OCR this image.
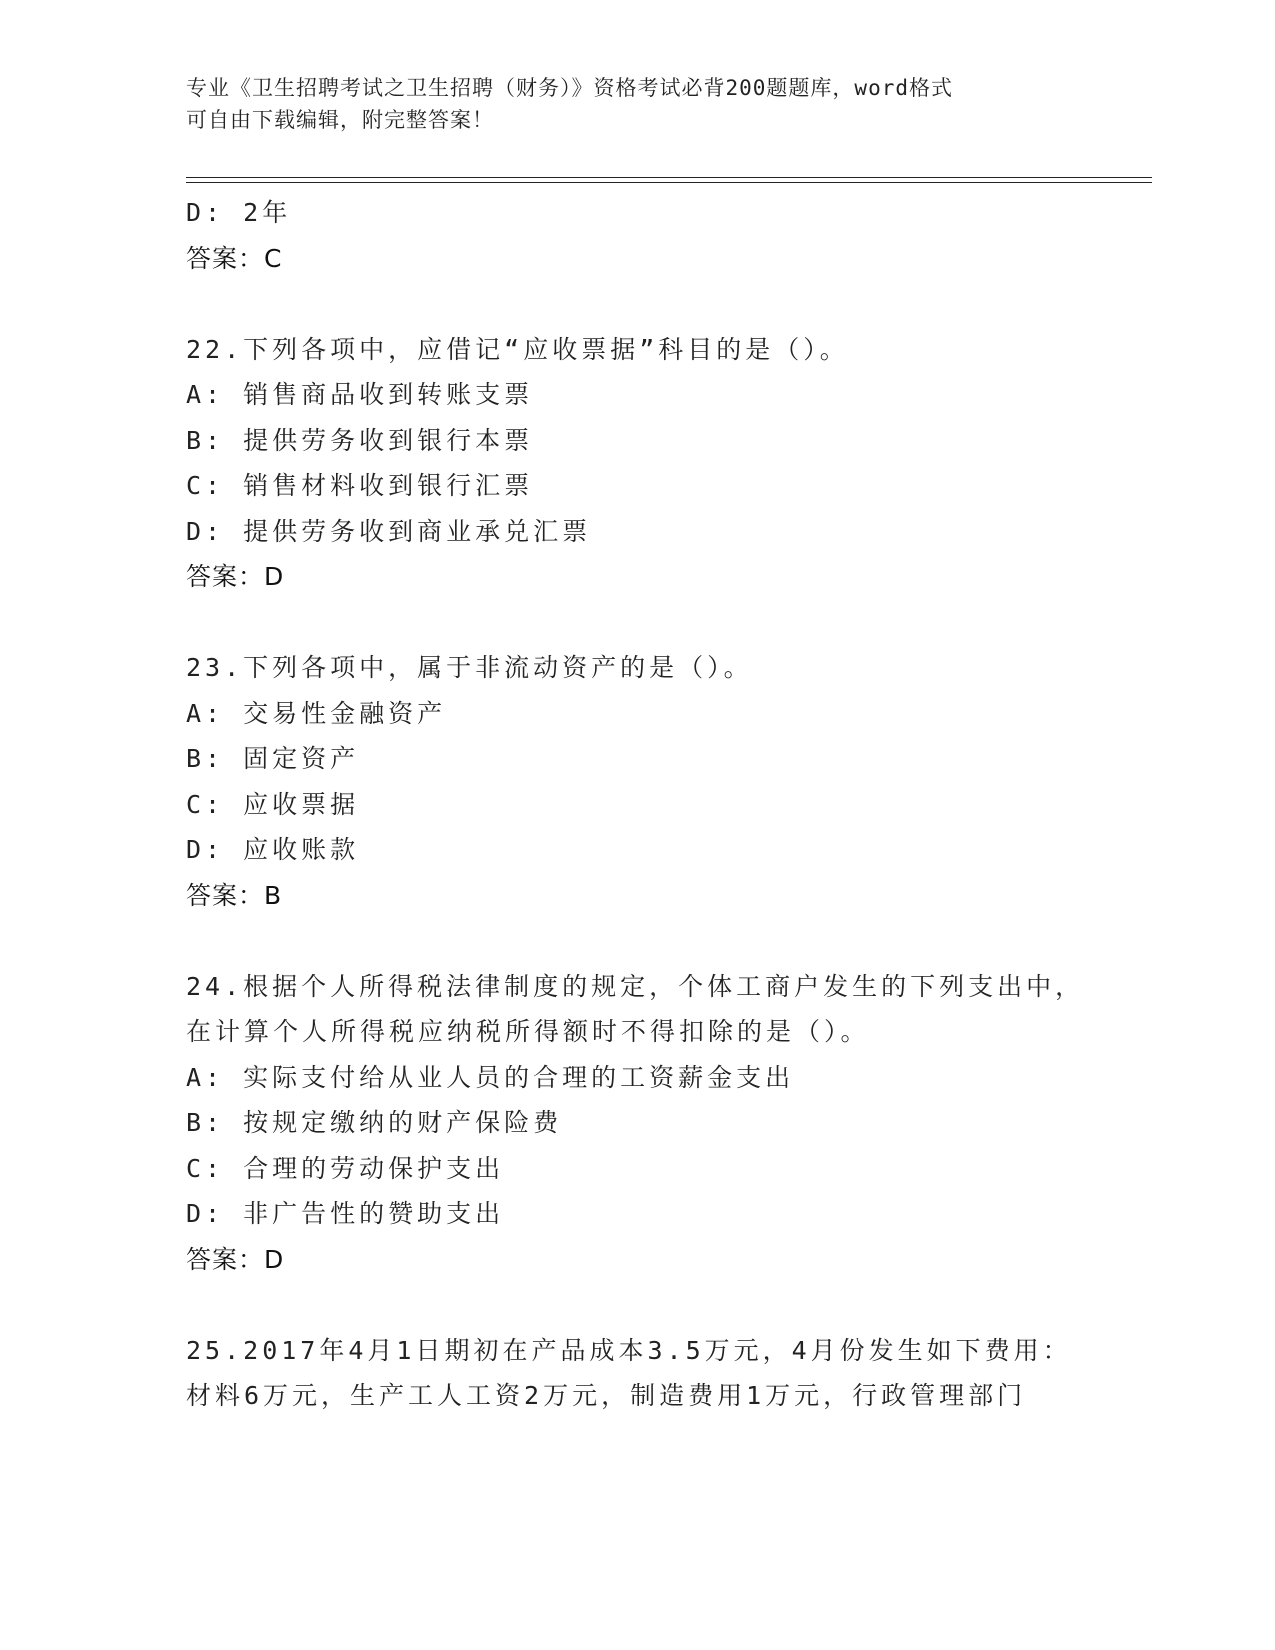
专业《卫生招聘考试之卫生招聘（财务）》资格考试必背200题题库，word格式
可自由下载编辑，附完整答案！
D: 2年
答案：C
22.下列各项中，应借记“应收票据”科目的是（）。
A: 销售商品收到转账支票
B: 提供劳务收到银行本票
C: 销售材料收到银行汇票
D: 提供劳务收到商业承兑汇票
答案：D
23.下列各项中，属于非流动资产的是（）。
A: 交易性金融资产
B: 固定资产
C: 应收票据
D: 应收账款
答案：B
24.根据个人所得税法律制度的规定，个体工商户发生的下列支出中，
在计算个人所得税应纳税所得额时不得扣除的是（）。
A: 实际支付给从业人员的合理的工资薪金支出
B: 按规定缴纳的财产保险费
C: 合理的劳动保护支出
D: 非广告性的赞助支出
答案：D
25.2017年4月1日期初在产品成本3.5万元，4月份发生如下费用：
材料6万元，生产工人工资2万元，制造费用1万元，行政管理部门
